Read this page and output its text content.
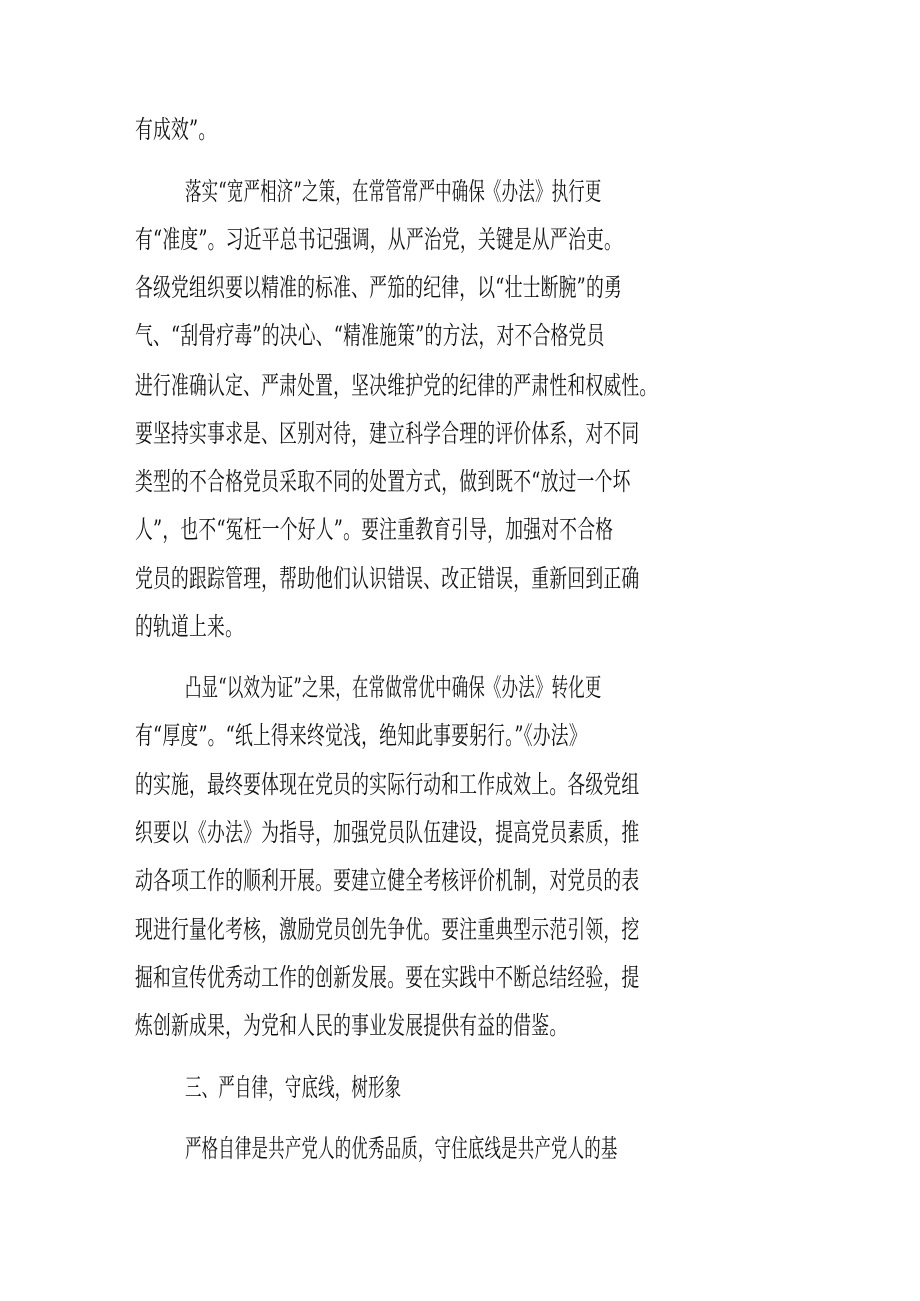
有成效”。
落实“宽严相济”之策，在常管常严中确保《办法》执行更
有“准度”。习近平总书记强调，从严治党，关键是从严治吏。
各级党组织要以精准的标准、严笳的纪律，以“壮士断腕”的勇
气、“刮骨疗毒”的决心、“精准施策”的方法，对不合格党员
进行准确认定、严肃处置，坚决维护党的纪律的严肃性和权威性。
要坚持实事求是、区别对待，建立科学合理的评价体系，对不同
类型的不合格党员采取不同的处置方式，做到既不“放过一个坏
人”，也不“冤枉一个好人”。要注重教育引导，加强对不合格
党员的跟踪管理，帮助他们认识错误、改正错误，重新回到正确
的轨道上来。
凸显“以效为证”之果，在常做常优中确保《办法》转化更
有“厚度”。“纸上得来终觉浅，绝知此事要躬行。”《办法》
的实施，最终要体现在党员的实际行动和工作成效上。各级党组
织要以《办法》为指导，加强党员队伍建设，提高党员素质，推
动各项工作的顺利开展。要建立健全考核评价机制，对党员的表
现进行量化考核，激励党员创先争优。要注重典型示范引领，挖
掘和宣传优秀动工作的创新发展。要在实践中不断总结经验，提
炼创新成果，为党和人民的事业发展提供有益的借鉴。
三、严自律，守底线，树形象
严格自律是共产党人的优秀品质，守住底线是共产党人的基
